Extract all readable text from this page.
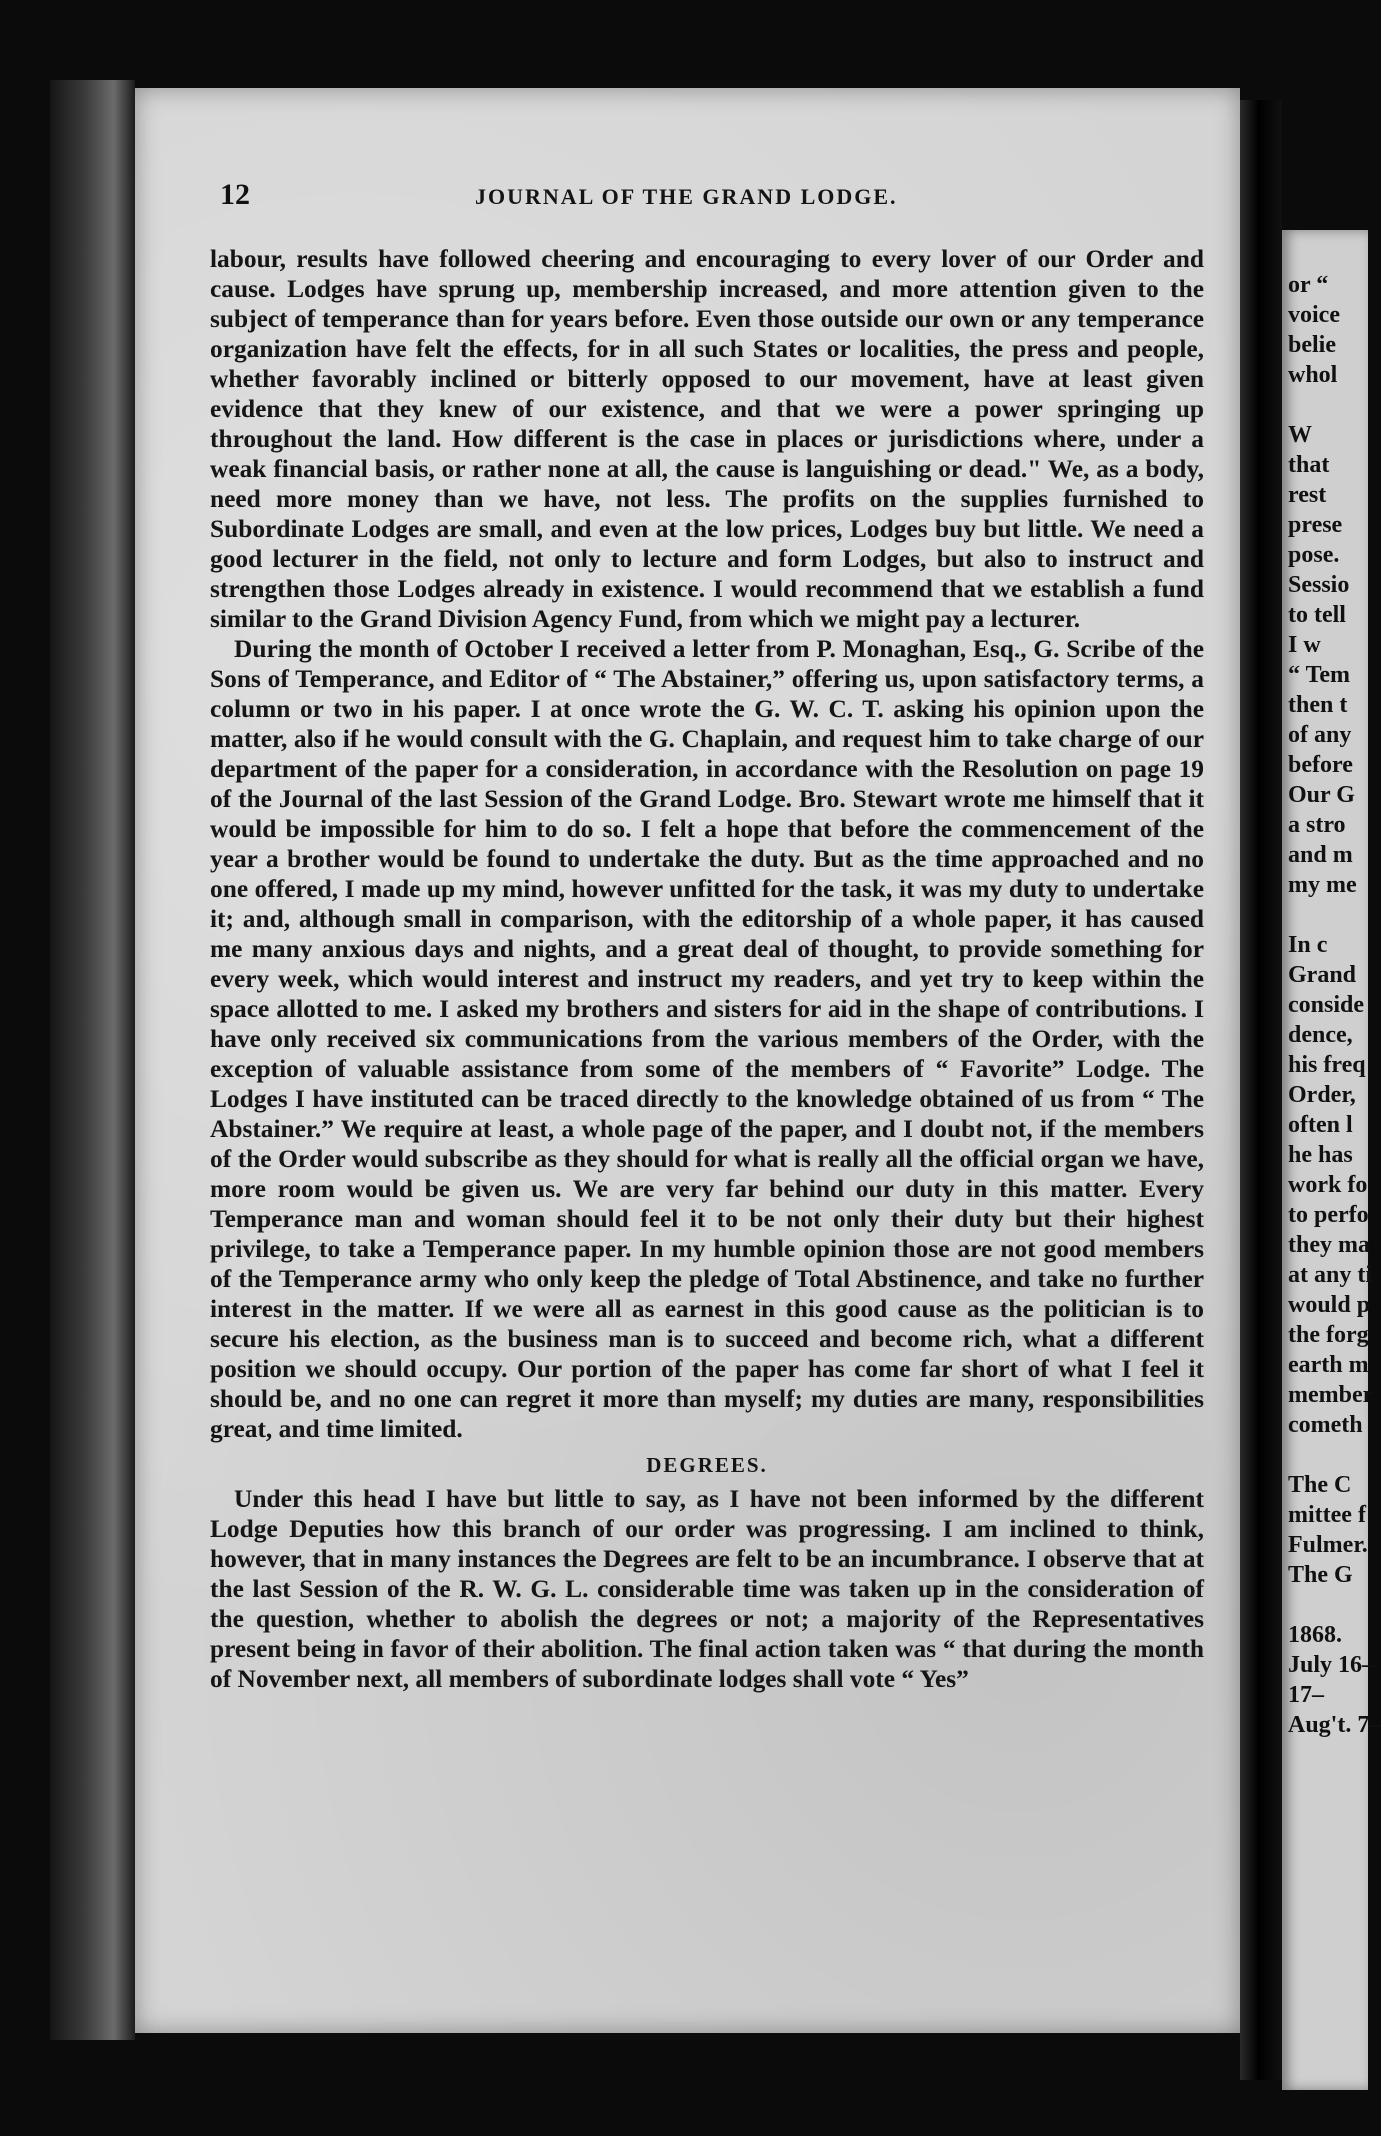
12	JOURNAL OF THE GRAND LODGE.

labour, results have followed cheering and encouraging to every lover of our Order and cause. Lodges have sprung up, membership increased, and more attention given to the subject of temperance than for years before. Even those outside our own or any temperance organization have felt the effects, for in all such States or localities, the press and people, whether favorably inclined or bitterly opposed to our movement, have at least given evidence that they knew of our existence, and that we were a power springing up throughout the land. How different is the case in places or jurisdictions where, under a weak financial basis, or rather none at all, the cause is languishing or dead." We, as a body, need more money than we have, not less. The profits on the supplies furnished to Subordinate Lodges are small, and even at the low prices, Lodges buy but little. We need a good lecturer in the field, not only to lecture and form Lodges, but also to instruct and strengthen those Lodges already in existence. I would recommend that we establish a fund similar to the Grand Division Agency Fund, from which we might pay a lecturer.

During the month of October I received a letter from P. Monaghan, Esq., G. Scribe of the Sons of Temperance, and Editor of “ The Abstainer,” offering us, upon satisfactory terms, a column or two in his paper. I at once wrote the G. W. C. T. asking his opinion upon the matter, also if he would consult with the G. Chaplain, and request him to take charge of our department of the paper for a consideration, in accordance with the Resolution on page 19 of the Journal of the last Session of the Grand Lodge. Bro. Stewart wrote me himself that it would be impossible for him to do so. I felt a hope that before the commencement of the year a brother would be found to undertake the duty. But as the time approached and no one offered, I made up my mind, however unfitted for the task, it was my duty to undertake it; and, although small in comparison, with the editorship of a whole paper, it has caused me many anxious days and nights, and a great deal of thought, to provide something for every week, which would interest and instruct my readers, and yet try to keep within the space allotted to me. I asked my brothers and sisters for aid in the shape of contributions. I have only received six communications from the various members of the Order, with the exception of valuable assistance from some of the members of “ Favorite” Lodge. The Lodges I have instituted can be traced directly to the knowledge obtained of us from “ The Abstainer.” We require at least, a whole page of the paper, and I doubt not, if the members of the Order would subscribe as they should for what is really all the official organ we have, more room would be given us. We are very far behind our duty in this matter. Every Temperance man and woman should feel it to be not only their duty but their highest privilege, to take a Temperance paper. In my humble opinion those are not good members of the Temperance army who only keep the pledge of Total Abstinence, and take no further interest in the matter. If we were all as earnest in this good cause as the politician is to secure his election, as the business man is to succeed and become rich, what a different position we should occupy. Our portion of the paper has come far short of what I feel it should be, and no one can regret it more than myself; my duties are many, responsibilities great, and time limited.

DEGREES.

Under this head I have but little to say, as I have not been informed by the different Lodge Deputies how this branch of our order was progressing. I am inclined to think, however, that in many instances the Degrees are felt to be an incumbrance. I observe that at the last Session of the R. W. G. L. considerable time was taken up in the consideration of the question, whether to abolish the degrees or not; a majority of the Representatives present being in favor of their abolition. The final action taken was “ that during the month of November next, all members of subordinate lodges shall vote “ Yes”

or “
voice
belie
whol
W
that
rest
prese
pose.
Sessio
to tell
I w
“ Tem
then t
of any
before
Our G
a stro
and m
my me
In c
Grand
conside
dence,
his freq
Order,
often l
he has
work fo
to perfo
they ma
at any ti
would p
the forg
earth m
member
cometh
The C
mittee f
Fulmer.
The G
1868.
July 16–
17–
Aug't. 7–
